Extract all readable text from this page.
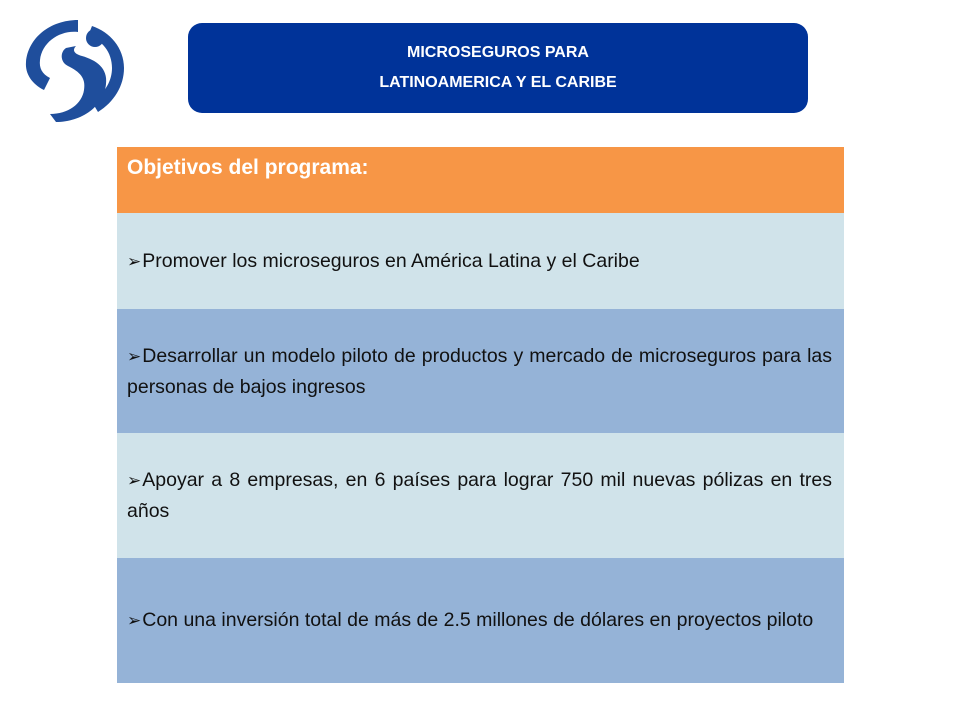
MICROSEGUROS PARA
LATINOAMERICA Y EL CARIBE
Objetivos del programa:
➢Promover los microseguros en América Latina y el Caribe
➢Desarrollar un modelo piloto de productos y mercado de microseguros para las personas de bajos ingresos
➢Apoyar a 8 empresas, en 6 países para lograr 750 mil nuevas pólizas en tres años
➢Con una inversión total de más de 2.5 millones de dólares en proyectos piloto
